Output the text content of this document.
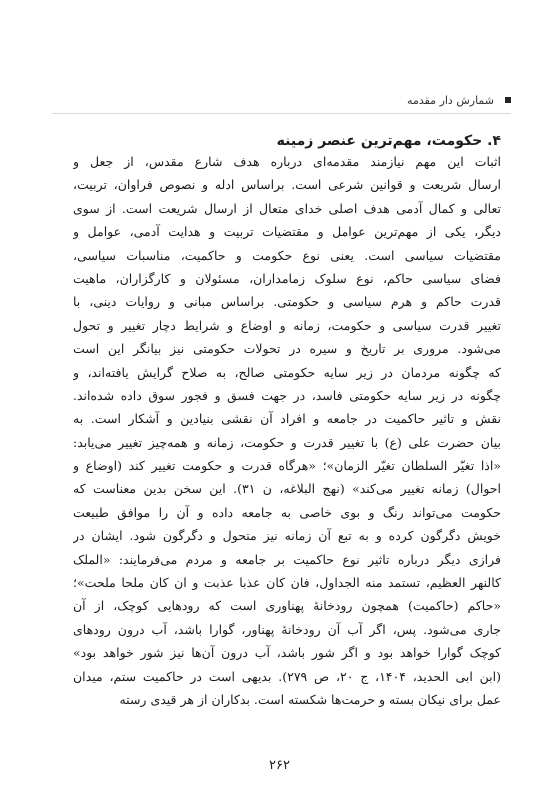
شمارش دار مقدمه
۴. حکومت، مهم‌ترین عنصر زمینه
اثبات این مهم نیازمند مقدمه‌ای درباره هدف شارع مقدس، از جعل و
ارسال شریعت و قوانین شرعی است. براساس ادله و نصوص فراوان، تربیت،
تعالی و کمال آدمی هدف اصلی خدای متعال از ارسال شریعت است. از سوی
دیگر، یکی از مهم‌ترین عوامل و مقتضیات تربیت و هدایت آدمی، عوامل و
مقتضیات سیاسی است. یعنی نوع حکومت و حاکمیت، مناسبات سیاسی،
فضای سیاسی حاکم، نوع سلوک زمامداران، مسئولان و کارگزاران، ماهیت
قدرت حاکم و هرم سیاسی و حکومتی. براساس مبانی و روایات دینی، با
تغییر قدرت سیاسی و حکومت، زمانه و اوضاع و شرایط دچار تغییر و تحول
می‌شود. مروری بر تاریخ و سیره در تحولات حکومتی نیز بیانگر این است
که چگونه مردمان در زیر سایه حکومتی صالح، به صلاح گرایش یافته‌اند، و
چگونه در زیر سایه حکومتی فاسد، در جهت فسق و فجور سوق داده شده‌اند.
نقش و تاثیر حاکمیت در جامعه و افراد آن نقشی بنیادین و آشکار است. به
بیان حضرت علی (ع) با تغییر قدرت و حکومت، زمانه و همه‌چیز تغییر می‌یابد:
«اذا تغیّر السلطان تغیّر الزمان»؛ «هرگاه قدرت و حکومت تغییر کند (اوضاع و
احوال) زمانه تغییر می‌کند» (نهج البلاغه، ن ۳۱). این سخن بدین معناست که
حکومت می‌تواند رنگ و بوی خاصی به جامعه داده و آن را موافق طبیعت
خویش دگرگون کرده و به تبع آن زمانه نیز متحول و دگرگون شود. ایشان در
فرازی دیگر درباره تاثیر نوع حاکمیت بر جامعه و مردم می‌فرمایند: «الملک
کالنهر العظیم، تستمد منه الجداول، فان کان عذبا عذبت و ان کان ملحا ملحت»؛
«حاکم (حاکمیت) همچون رودخانهٔ پهناوری است که رودهایی کوچک، از آن
جاری می‌شود. پس، اگر آب آن رودخانهٔ پهناور، گوارا باشد، آب درون رودهای
کوچک گوارا خواهد بود و اگر شور باشد، آب درون آن‌ها نیز شور خواهد بود»
(ابن ابی الحدید، ۱۴۰۴، ج ۲۰، ص ۲۷۹). بدیهی است در حاکمیت ستم، میدان
عمل برای نیکان بسته و حرمت‌ها شکسته است. بدکاران از هر قیدی رسته
۲۶۲
